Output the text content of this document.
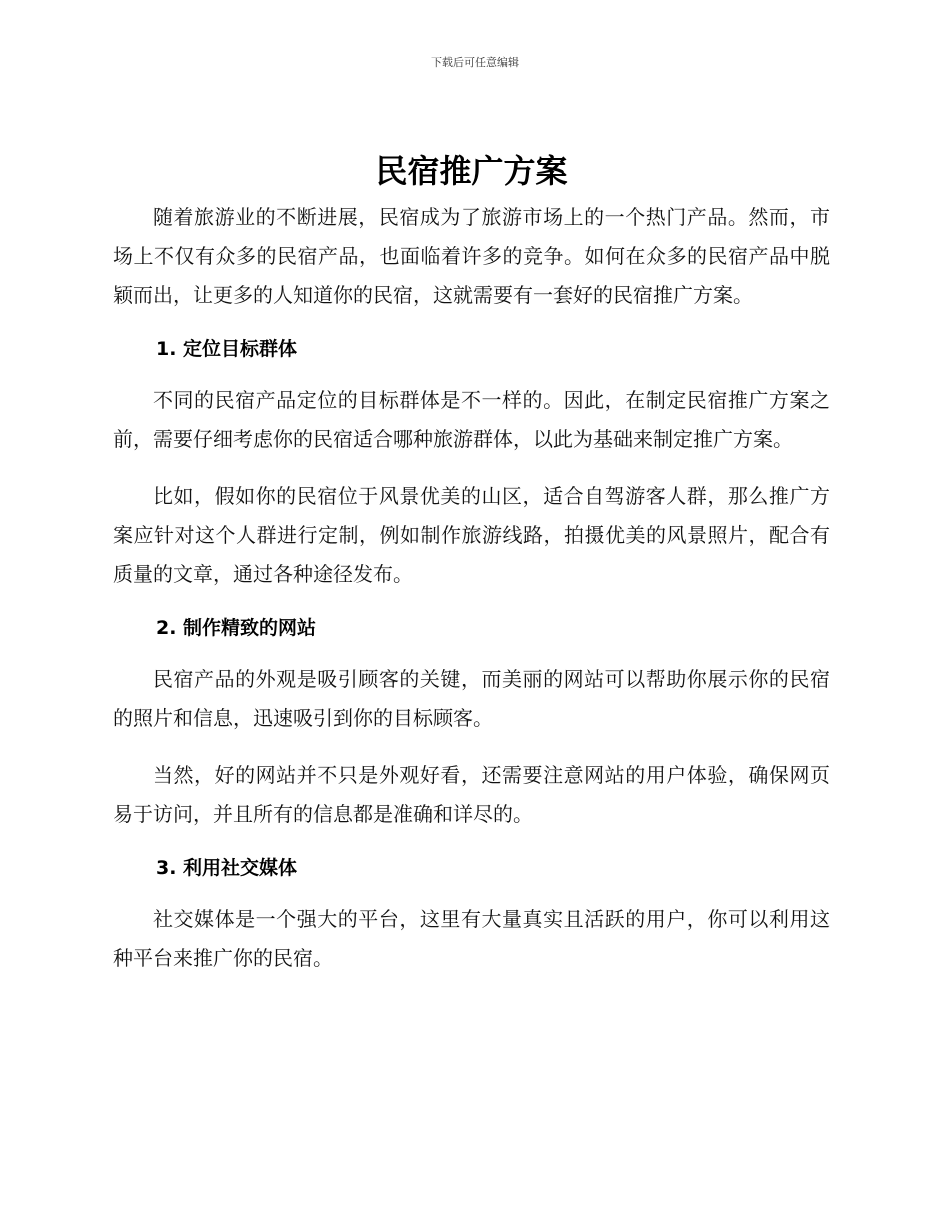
下载后可任意编辑
民宿推广方案

随着旅游业的不断进展，民宿成为了旅游市场上的一个热门产品。然而，市场上不仅有众多的民宿产品，也面临着许多的竞争。如何在众多的民宿产品中脱颖而出，让更多的人知道你的民宿，这就需要有一套好的民宿推广方案。

1. 定位目标群体

不同的民宿产品定位的目标群体是不一样的。因此，在制定民宿推广方案之前，需要仔细考虑你的民宿适合哪种旅游群体，以此为基础来制定推广方案。

比如，假如你的民宿位于风景优美的山区，适合自驾游客人群，那么推广方案应针对这个人群进行定制，例如制作旅游线路，拍摄优美的风景照片，配合有质量的文章，通过各种途径发布。

2. 制作精致的网站

民宿产品的外观是吸引顾客的关键，而美丽的网站可以帮助你展示你的民宿的照片和信息，迅速吸引到你的目标顾客。

当然，好的网站并不只是外观好看，还需要注意网站的用户体验，确保网页易于访问，并且所有的信息都是准确和详尽的。

3. 利用社交媒体

社交媒体是一个强大的平台，这里有大量真实且活跃的用户，你可以利用这种平台来推广你的民宿。
